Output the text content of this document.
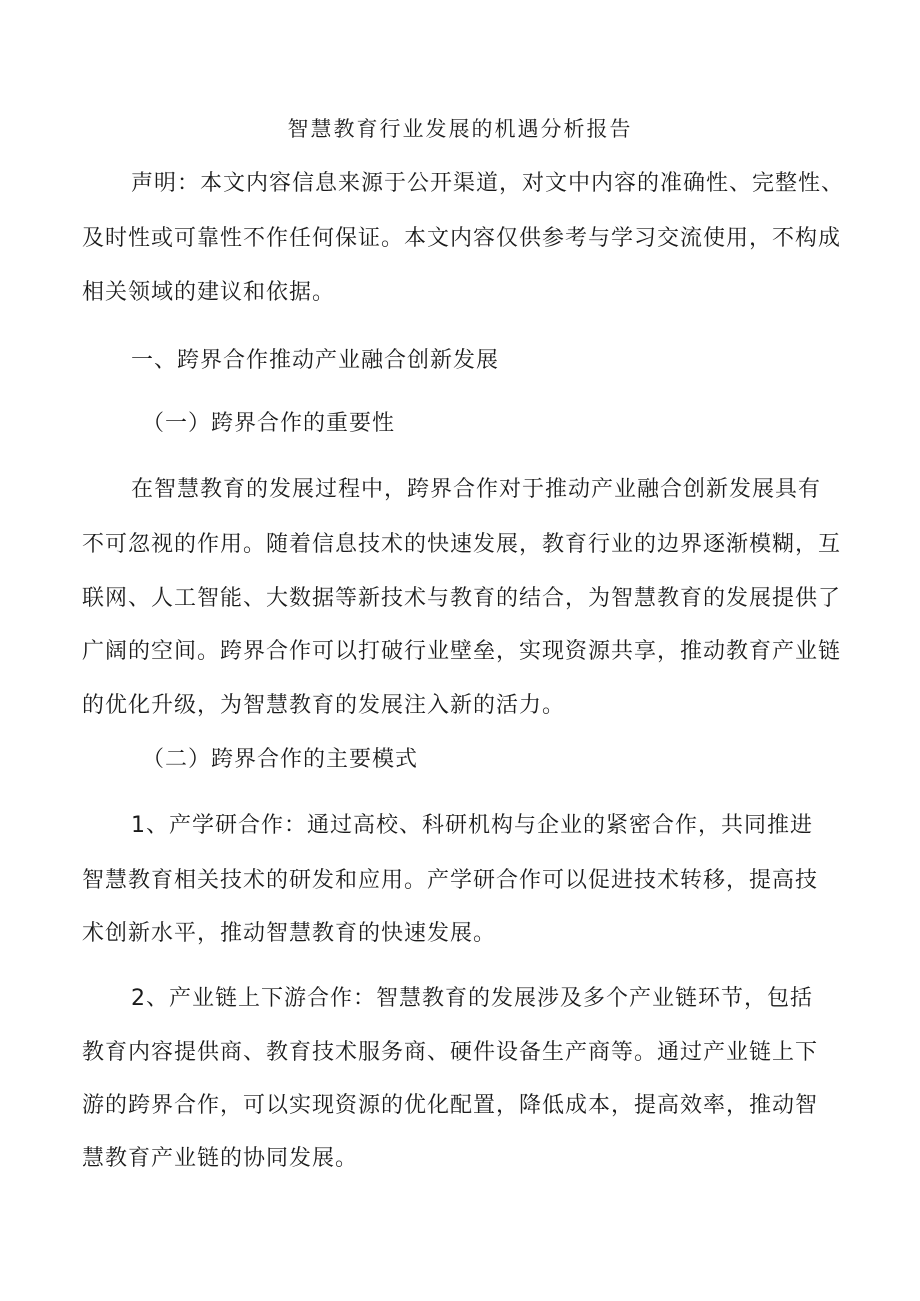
智慧教育行业发展的机遇分析报告
声明：本文内容信息来源于公开渠道，对文中内容的准确性、完整性、
及时性或可靠性不作任何保证。本文内容仅供参考与学习交流使用，不构成
相关领域的建议和依据。
一、跨界合作推动产业融合创新发展
（一）跨界合作的重要性
在智慧教育的发展过程中，跨界合作对于推动产业融合创新发展具有
不可忽视的作用。随着信息技术的快速发展，教育行业的边界逐渐模糊，互
联网、人工智能、大数据等新技术与教育的结合，为智慧教育的发展提供了
广阔的空间。跨界合作可以打破行业壁垒，实现资源共享，推动教育产业链
的优化升级，为智慧教育的发展注入新的活力。
（二）跨界合作的主要模式
1、产学研合作：通过高校、科研机构与企业的紧密合作，共同推进
智慧教育相关技术的研发和应用。产学研合作可以促进技术转移，提高技
术创新水平，推动智慧教育的快速发展。
2、产业链上下游合作：智慧教育的发展涉及多个产业链环节，包括
教育内容提供商、教育技术服务商、硬件设备生产商等。通过产业链上下
游的跨界合作，可以实现资源的优化配置，降低成本，提高效率，推动智
慧教育产业链的协同发展。
